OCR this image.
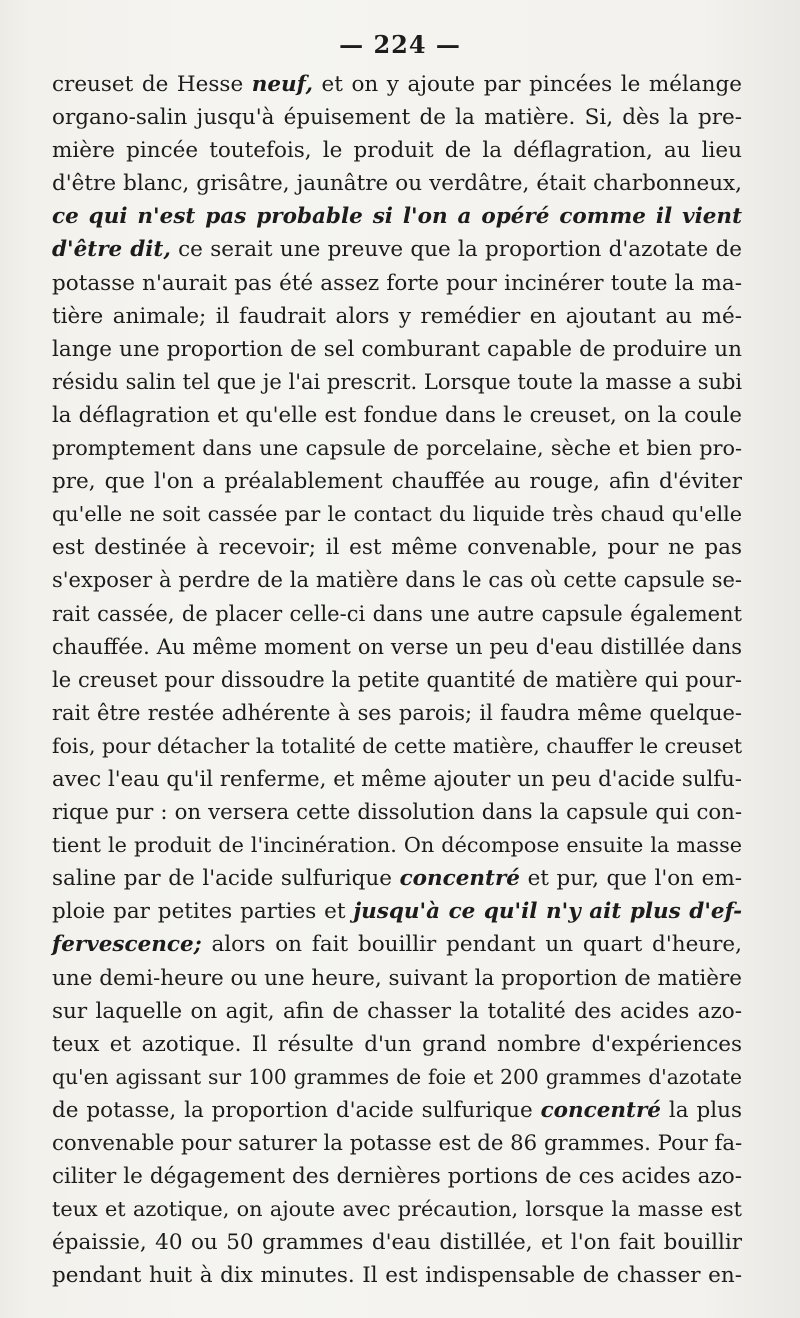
— 224 —
creuset de Hesse neuf, et on y ajoute par pincées le mélange
organo-salin jusqu'à épuisement de la matière. Si, dès la pre-
mière pincée toutefois, le produit de la déflagration, au lieu
d'être blanc, grisâtre, jaunâtre ou verdâtre, était charbonneux,
ce qui n'est pas probable si l'on a opéré comme il vient
d'être dit, ce serait une preuve que la proportion d'azotate de
potasse n'aurait pas été assez forte pour incinérer toute la ma-
tière animale; il faudrait alors y remédier en ajoutant au mé-
lange une proportion de sel comburant capable de produire un
résidu salin tel que je l'ai prescrit. Lorsque toute la masse a subi
la déflagration et qu'elle est fondue dans le creuset, on la coule
promptement dans une capsule de porcelaine, sèche et bien pro-
pre, que l'on a préalablement chauffée au rouge, afin d'éviter
qu'elle ne soit cassée par le contact du liquide très chaud qu'elle
est destinée à recevoir; il est même convenable, pour ne pas
s'exposer à perdre de la matière dans le cas où cette capsule se-
rait cassée, de placer celle-ci dans une autre capsule également
chauffée. Au même moment on verse un peu d'eau distillée dans
le creuset pour dissoudre la petite quantité de matière qui pour-
rait être restée adhérente à ses parois; il faudra même quelque-
fois, pour détacher la totalité de cette matière, chauffer le creuset
avec l'eau qu'il renferme, et même ajouter un peu d'acide sulfu-
rique pur : on versera cette dissolution dans la capsule qui con-
tient le produit de l'incinération. On décompose ensuite la masse
saline par de l'acide sulfurique concentré et pur, que l'on em-
ploie par petites parties et jusqu'à ce qu'il n'y ait plus d'ef-
fervescence; alors on fait bouillir pendant un quart d'heure,
une demi-heure ou une heure, suivant la proportion de matière
sur laquelle on agit, afin de chasser la totalité des acides azo-
teux et azotique. Il résulte d'un grand nombre d'expériences
qu'en agissant sur 100 grammes de foie et 200 grammes d'azotate
de potasse, la proportion d'acide sulfurique concentré la plus
convenable pour saturer la potasse est de 86 grammes. Pour fa-
ciliter le dégagement des dernières portions de ces acides azo-
teux et azotique, on ajoute avec précaution, lorsque la masse est
épaissie, 40 ou 50 grammes d'eau distillée, et l'on fait bouillir
pendant huit à dix minutes. Il est indispensable de chasser en-
